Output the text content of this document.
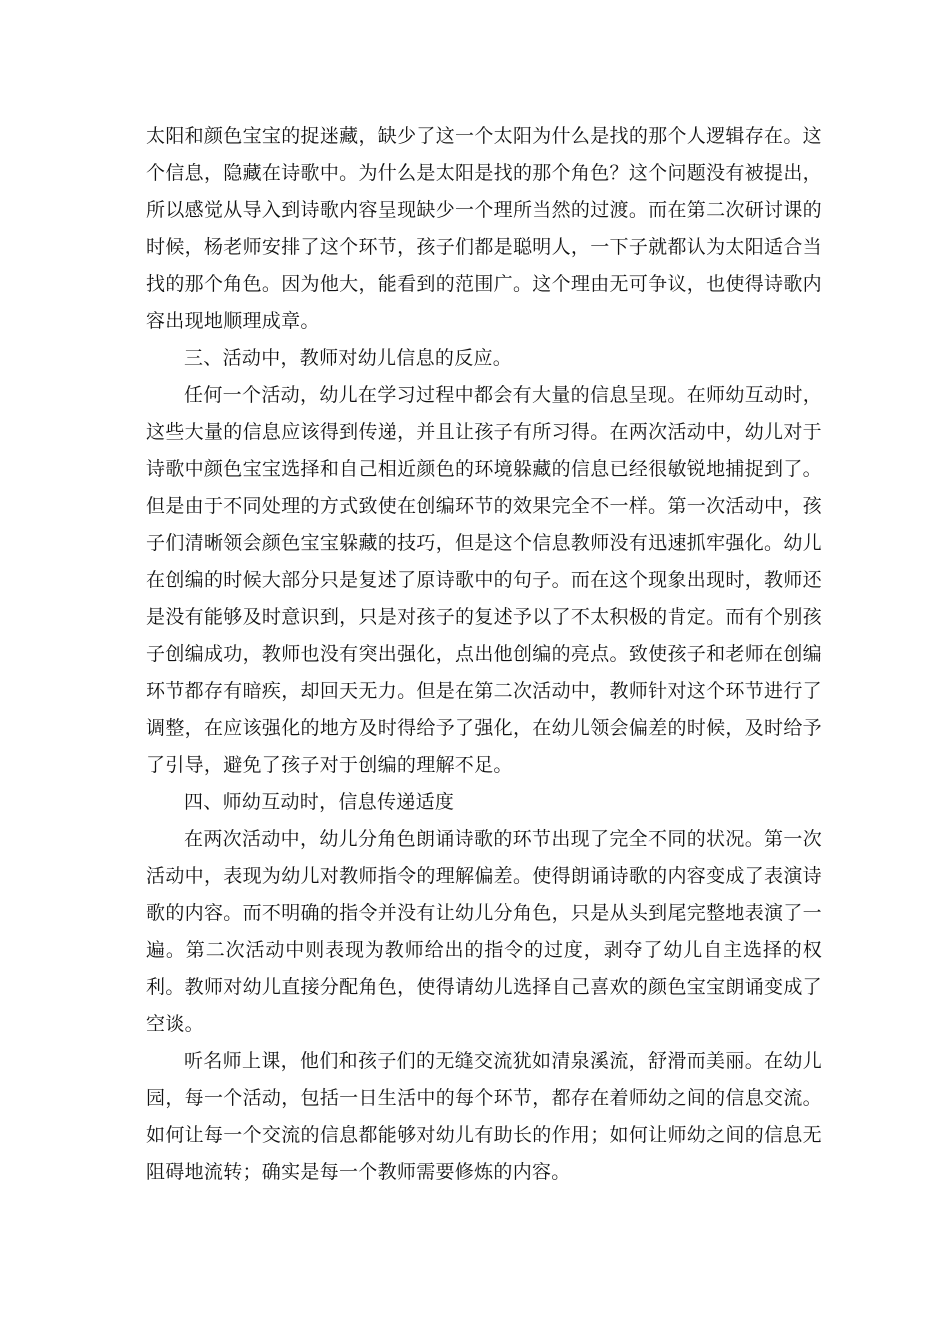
太阳和颜色宝宝的捉迷藏，缺少了这一个太阳为什么是找的那个人逻辑存在。这个信息，隐藏在诗歌中。为什么是太阳是找的那个角色？这个问题没有被提出，所以感觉从导入到诗歌内容呈现缺少一个理所当然的过渡。而在第二次研讨课的时候，杨老师安排了这个环节，孩子们都是聪明人，一下子就都认为太阳适合当找的那个角色。因为他大，能看到的范围广。这个理由无可争议，也使得诗歌内容出现地顺理成章。

三、活动中，教师对幼儿信息的反应。

任何一个活动，幼儿在学习过程中都会有大量的信息呈现。在师幼互动时，这些大量的信息应该得到传递，并且让孩子有所习得。在两次活动中，幼儿对于诗歌中颜色宝宝选择和自己相近颜色的环境躲藏的信息已经很敏锐地捕捉到了。但是由于不同处理的方式致使在创编环节的效果完全不一样。第一次活动中，孩子们清晰领会颜色宝宝躲藏的技巧，但是这个信息教师没有迅速抓牢强化。幼儿在创编的时候大部分只是复述了原诗歌中的句子。而在这个现象出现时，教师还是没有能够及时意识到，只是对孩子的复述予以了不太积极的肯定。而有个别孩子创编成功，教师也没有突出强化，点出他创编的亮点。致使孩子和老师在创编环节都存有暗疾，却回天无力。但是在第二次活动中，教师针对这个环节进行了调整，在应该强化的地方及时得给予了强化，在幼儿领会偏差的时候，及时给予了引导，避免了孩子对于创编的理解不足。

四、师幼互动时，信息传递适度

在两次活动中，幼儿分角色朗诵诗歌的环节出现了完全不同的状况。第一次活动中，表现为幼儿对教师指令的理解偏差。使得朗诵诗歌的内容变成了表演诗歌的内容。而不明确的指令并没有让幼儿分角色，只是从头到尾完整地表演了一遍。第二次活动中则表现为教师给出的指令的过度，剥夺了幼儿自主选择的权利。教师对幼儿直接分配角色，使得请幼儿选择自己喜欢的颜色宝宝朗诵变成了空谈。

听名师上课，他们和孩子们的无缝交流犹如清泉溪流，舒滑而美丽。在幼儿园，每一个活动，包括一日生活中的每个环节，都存在着师幼之间的信息交流。如何让每一个交流的信息都能够对幼儿有助长的作用；如何让师幼之间的信息无阻碍地流转；确实是每一个教师需要修炼的内容。
